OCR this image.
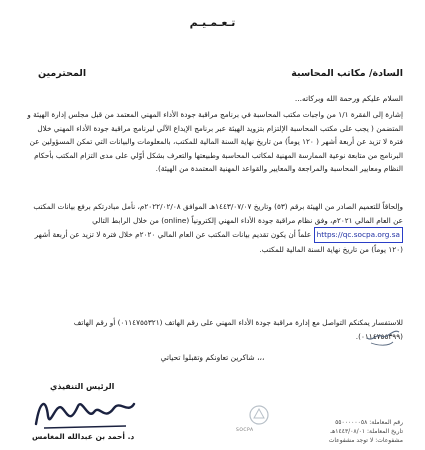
تـعـمـيـم
السادة/ مكاتب المحاسبة
المحترمين
السلام عليكم ورحمة الله وبركاته...
إشارة إلى الفقرة ١/١ من واجبات مكتب المحاسبة في برنامج مراقبة جودة الأداء المهني المعتمد من قبل مجلس إدارة الهيئة و المتضمن ( يجب على مكتب المحاسبة الإلتزام بتزويد الهيئة عبر برنامج الإيداع الآلي لبرنامج مراقبة جودة الأداء المهني خلال فترة لا تزيد عن أربعة أشهر ( ١٢٠ يوماً) من تاريخ نهاية السنة المالية للمكتب، بالمعلومات والبيانات التي تمكن المسؤولين عن البرنامج من متابعة نوعية الممارسة المهنية لمكاتب المحاسبة وطبيعتها والتعرف بشكل أوّلي على مدى التزام المكتب بأحكام النظام ومعايير المحاسبة والمراجعة والمعايير والقواعد المهنية المعتمدة من الهيئة).
وإلحاقاً للتعميم الصادر من الهيئة برقم (٥٣) وتاريخ ١٤٤٣/٠٧/٠٧هـ الموافق ٢٠٢٢/٠٢/٠٨م، نأمل مبادرتكم برفع بيانات المكتب عن العام المالي ٢٠٢١م، وفق نظام مراقبة جودة الأداء المهني إلكترونياً (online) من خلال الرابط التالي https://qc.socpa.org.sa علماً أن يكون تقديم بيانات المكتب عن العام المالي ٢٠٢٠م خلال فترة لا تزيد عن أربعة أشهر (١٢٠ يوماً) من تاريخ نهاية السنة المالية للمكتب.
للاستفسار يمكنكم التواصل مع إدارة مراقبة جودة الأداء المهني على رقم الهاتف (٠١١٤٧٥٥٣٢١) أو رقم الهاتف (٠١١٤٧٥٥٣٩٩).
شاكرين تعاونكم وتقبلوا تحياتي ،،،
الرئيس التنفيذي
د. أحمد بن عبدالله المغامس
SOCPA
رقم المعاملة: ٥٥٠٠٠٠٠٠٥٨
تاريخ المعاملة: ١٤٤٣/٠٨/٠١هـ
مشفوعات: لا توجد مشفوعات
